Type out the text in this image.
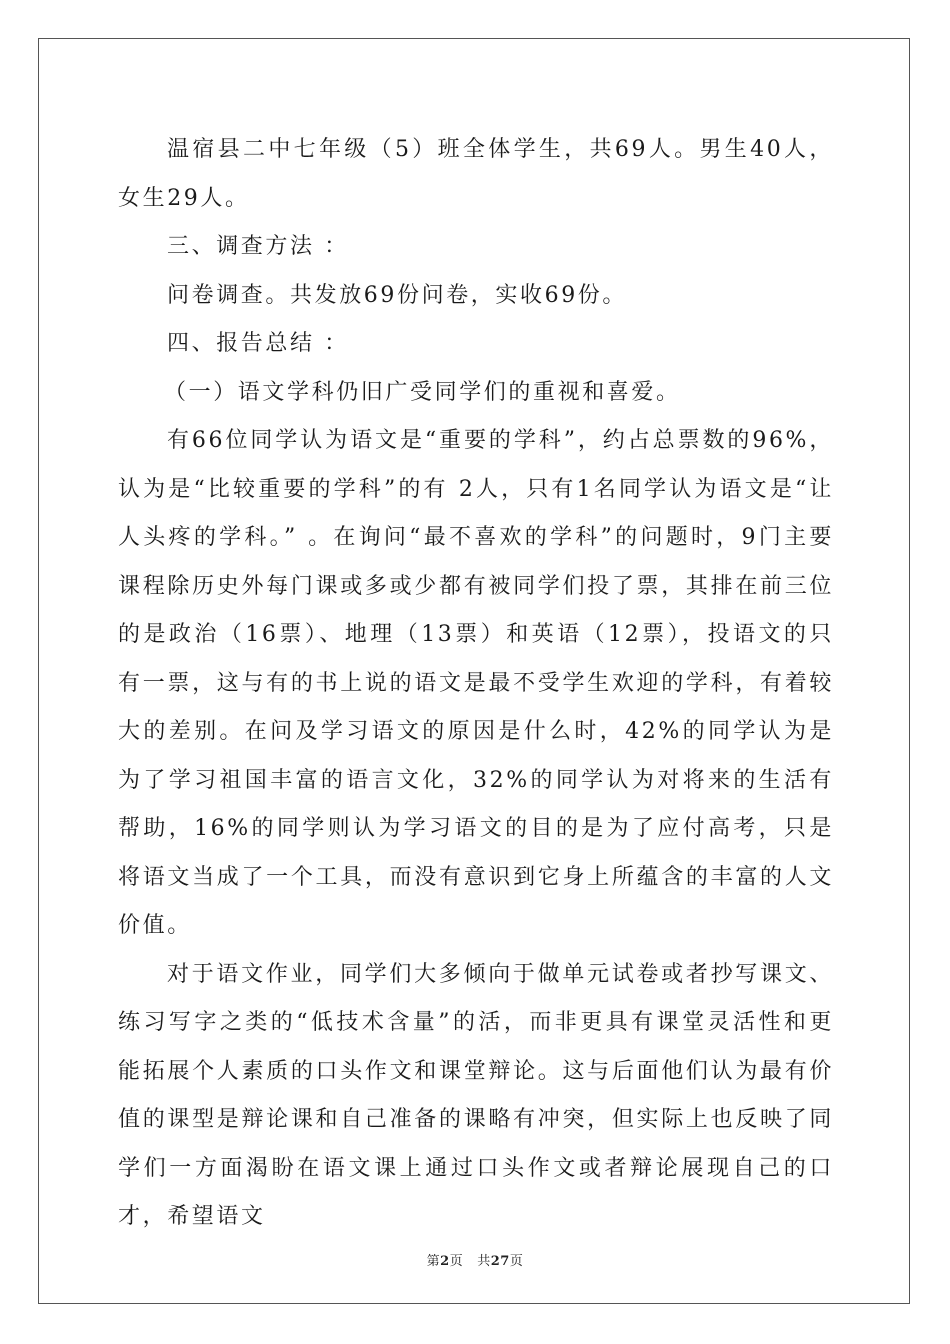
温宿县二中七年级（5）班全体学生，共69人。男生40人，女生29人。

三、调查方法 ：

问卷调查。共发放69份问卷，实收69份。

四、报告总结 ：

（一）语文学科仍旧广受同学们的重视和喜爱。

有66位同学认为语文是“重要的学科”，约占总票数的96%，认为是“比较重要的学科”的有 2人，只有1名同学认为语文是“让人头疼的学科。” 。在询问“最不喜欢的学科”的问题时，9门主要课程除历史外每门课或多或少都有被同学们投了票，其排在前三位的是政治（16票）、地理（13票）和英语（12票），投语文的只有一票，这与有的书上说的语文是最不受学生欢迎的学科，有着较大的差别。在问及学习语文的原因是什么时，42%的同学认为是为了学习祖国丰富的语言文化，32%的同学认为对将来的生活有帮助，16%的同学则认为学习语文的目的是为了应付高考，只是将语文当成了一个工具，而没有意识到它身上所蕴含的丰富的人文价值。

对于语文作业，同学们大多倾向于做单元试卷或者抄写课文、练习写字之类的“低技术含量”的活，而非更具有课堂灵活性和更能拓展个人素质的口头作文和课堂辩论。这与后面他们认为最有价值的课型是辩论课和自己准备的课略有冲突，但实际上也反映了同学们一方面渴盼在语文课上通过口头作文或者辩论展现自己的口才，希望语文

第2页 共27页
